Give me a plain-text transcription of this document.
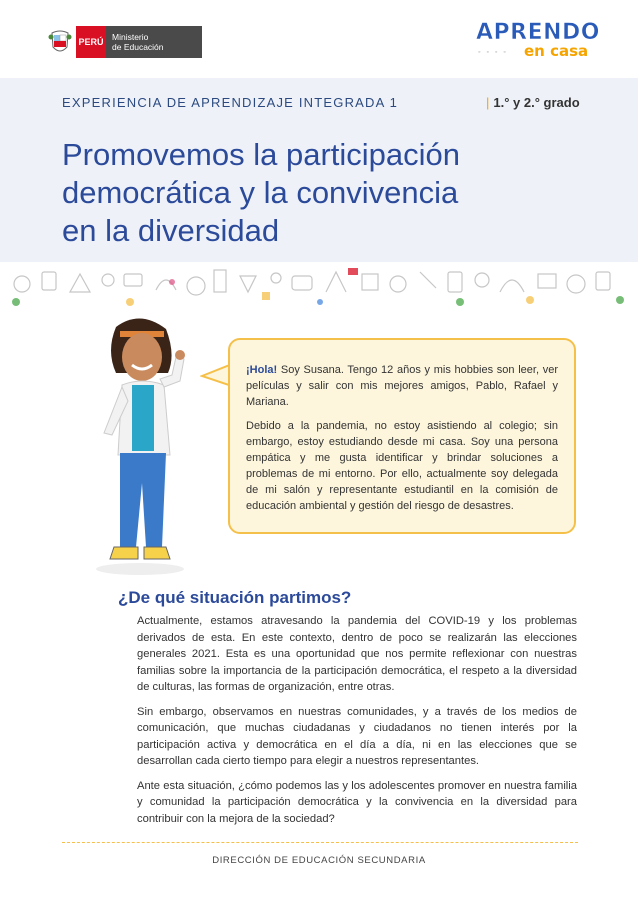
PERÚ Ministerio
de Educación
APRENDO
◦ ◦ ◦ ◦ en casa
EXPERIENCIA DE APRENDIZAJE INTEGRADA 1	| 1.° y 2.° grado
Promovemos la participación
democrática y la convivencia
en la diversidad

¡Hola! Soy Susana. Tengo 12 años y mis hobbies son leer, ver películas y salir con mis mejores amigos, Pablo, Rafael y Mariana.

Debido a la pandemia, no estoy asistiendo al colegio; sin embargo, estoy estudiando desde mi casa. Soy una persona empática y me gusta identificar y brindar soluciones a problemas de mi entorno. Por ello, actualmente soy delegada de mi salón y representante estudiantil en la comisión de educación ambiental y gestión del riesgo de desastres.

¿De qué situación partimos?

Actualmente, estamos atravesando la pandemia del COVID-19 y los problemas derivados de esta. En este contexto, dentro de poco se realizarán las elecciones generales 2021. Esta es una oportunidad que nos permite reflexionar con nuestras familias sobre la importancia de la participación democrática, el respeto a la diversidad de culturas, las formas de organización, entre otras.

Sin embargo, observamos en nuestras comunidades, y a través de los medios de comunicación, que muchas ciudadanas y ciudadanos no tienen interés por la participación activa y democrática en el día a día, ni en las elecciones que se desarrollan cada cierto tiempo para elegir a nuestros representantes.

Ante esta situación, ¿cómo podemos las y los adolescentes promover en nuestra familia y comunidad la participación democrática y la convivencia en la diversidad para contribuir con la mejora de la sociedad?

DIRECCIÓN DE EDUCACIÓN SECUNDARIA
